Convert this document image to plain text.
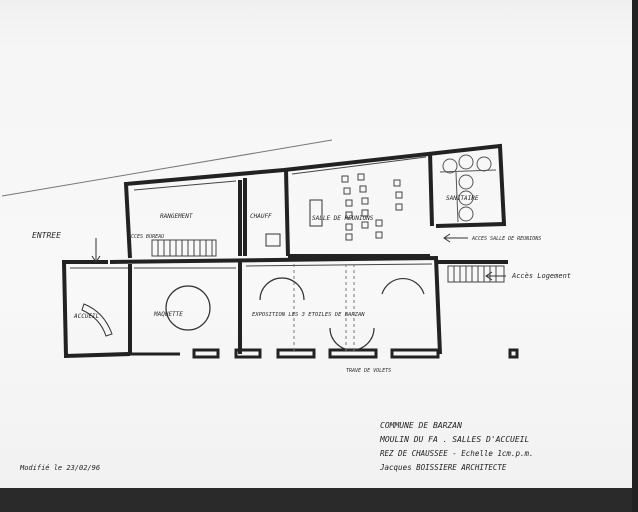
ENTREE
RANGEMENT	CHAUFF	SALLE DE REUNIONS
SANITAIRE
ACCES BUREAU	ACCES SALLE DE REUNIONS
Accès Logement
ACCUEIL	MAQUETTE	EXPOSITION LES 3 ETOILES DE BARZAN
TRAVE DE VOLETS
COMMUNE DE BARZAN
MOULIN DU FA . SALLES D'ACCUEIL
REZ DE CHAUSSEE - Echelle 1cm.p.m.
Jacques BOISSIERE ARCHITECTE
Modifié le 23/02/96
